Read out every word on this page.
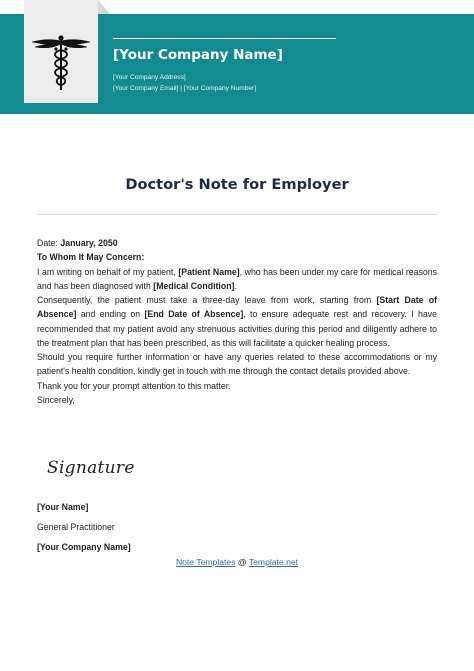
[Your Company Name]
[Your Company Address]
[Your Company Email] | [Your Company Number]
Doctor's Note for Employer
Date: January, 2050
To Whom It May Concern:
I am writing on behalf of my patient, [Patient Name], who has been under my care for medical reasons and has been diagnosed with [Medical Condition].
Consequently, the patient must take a three-day leave from work, starting from [Start Date of Absence] and ending on [End Date of Absence], to ensure adequate rest and recovery. I have recommended that my patient avoid any strenuous activities during this period and diligently adhere to the treatment plan that has been prescribed, as this will facilitate a quicker healing process.
Should you require further information or have any queries related to these accommodations or my patient's health condition, kindly get in touch with me through the contact details provided above.
Thank you for your prompt attention to this matter.
Sincerely,
Signature
[Your Name]
General Practitioner
[Your Company Name]
Note Templates @ Template.net
